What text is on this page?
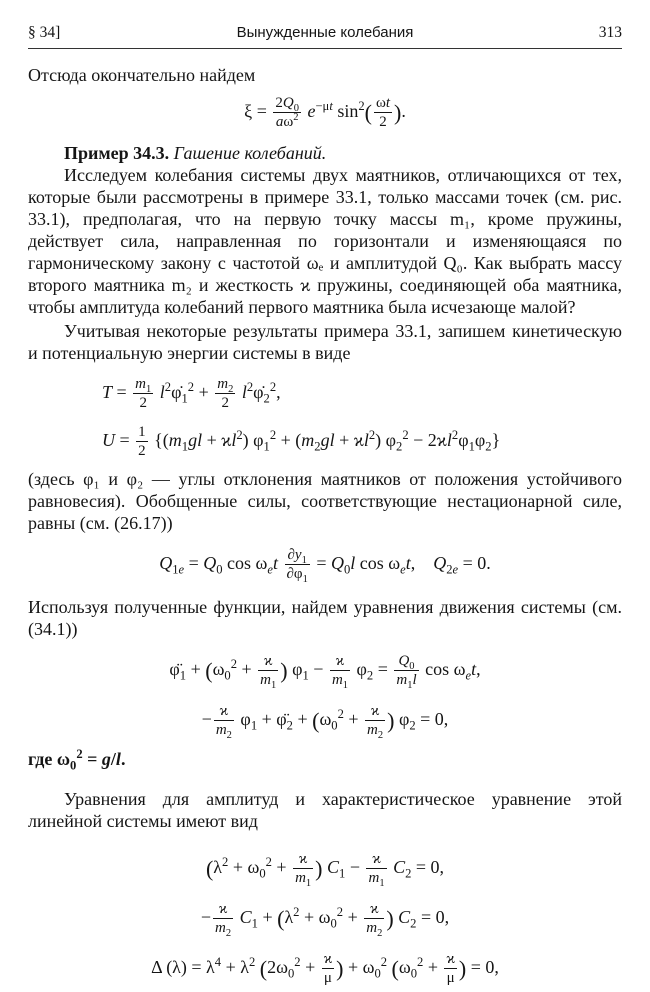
§ 34]	Вынужденные колебания	313

Отсюда окончательно найдем

$\xi = \frac{2Q_0}{a\omega^2} e^{-\mu t}$ $\sin^2( \frac{\omega t}{2}$ ).

Пример 34.3. Гашение колебаний.

Исследуем колебания системы двух маятников, отличающихся от тех, которые были рассмотрены в примере 33.1, только массами точек (см. рис. 33.1), предполагая, что на первую точку массы m₁, кроме пружины, действует сила, направленная по горизонтали и изменяющаяся по гармоническому закону с частотой ωₑ и амплитудой Q₀. Как выбрать массу второго маятника m₂ и жесткость ϰ пружины, соединяющей оба маятника, чтобы амплитуда колебаний первого маятника была исчезающе малой?

Учитывая некоторые результаты примера 33.1, запишем кинетическую и потенциальную энергии системы в виде

$T = \frac{m_1}{2}$ $l^2\varphi̇_1^2 + \frac{m_2}{2}$ $l^2\varphi̇_2^2$,
$U = \frac{1}{2} \{(m_1gl + ϰl^2) \varphi_1^2 + (m_2gl + ϰl^2) \varphi_2^2 - 2ϰl^2\varphi_1\varphi_2\}$

(здесь φ₁ и φ₂ — углы отклонения маятников от положения устойчивого равновесия). Обобщенные силы, соответствующие нестационарной силе, равны (см. (26.17))

$Q_{1e} = Q_0$ $\cos \omega_et \frac{\partial y_1}{\partial\varphi_1} = Q_0l$ $\cos \omega_et$,    $Q_{2e} = 0$.

Используя полученные функции, найдем уравнения движения системы (см. (34.1))

$\varphï_1 + (\omega_0^2 + \frac{ϰ}{m_1}$ ) $\varphi_1 - \frac{ϰ}{m_1} \varphi_2 = \frac{Q_0}{m_1l}$ $\cos \omega_et$,
− $\frac{ϰ}{m_2} \varphi_1$ + $\varphï_2 + (\omega_0^2 + \frac{ϰ}{m_2}$ ) $\varphi_2 = 0$,

где $\omega_0^2 = g/l$.

Уравнения для амплитуд и характеристическое уравнение этой линейной системы имеют вид

($\lambda^2 + \omega_0^2 + \frac{ϰ}{m_1}$ ) $C_1 - \frac{ϰ}{m_1} C_2 = 0$,
− $\frac{ϰ}{m_2} C_1 + (\lambda^2 + \omega_0^2 + \frac{ϰ}{m_2}$ ) $C_2 = 0$,
Δ $(\lambda) = \lambda^4 + \lambda^2$ ($2\omega_0^2 + \frac{ϰ}{\mu}$ ) + $\omega_0^2$ ($\omega_0^2 + \frac{ϰ}{\mu}$ ) = 0,
